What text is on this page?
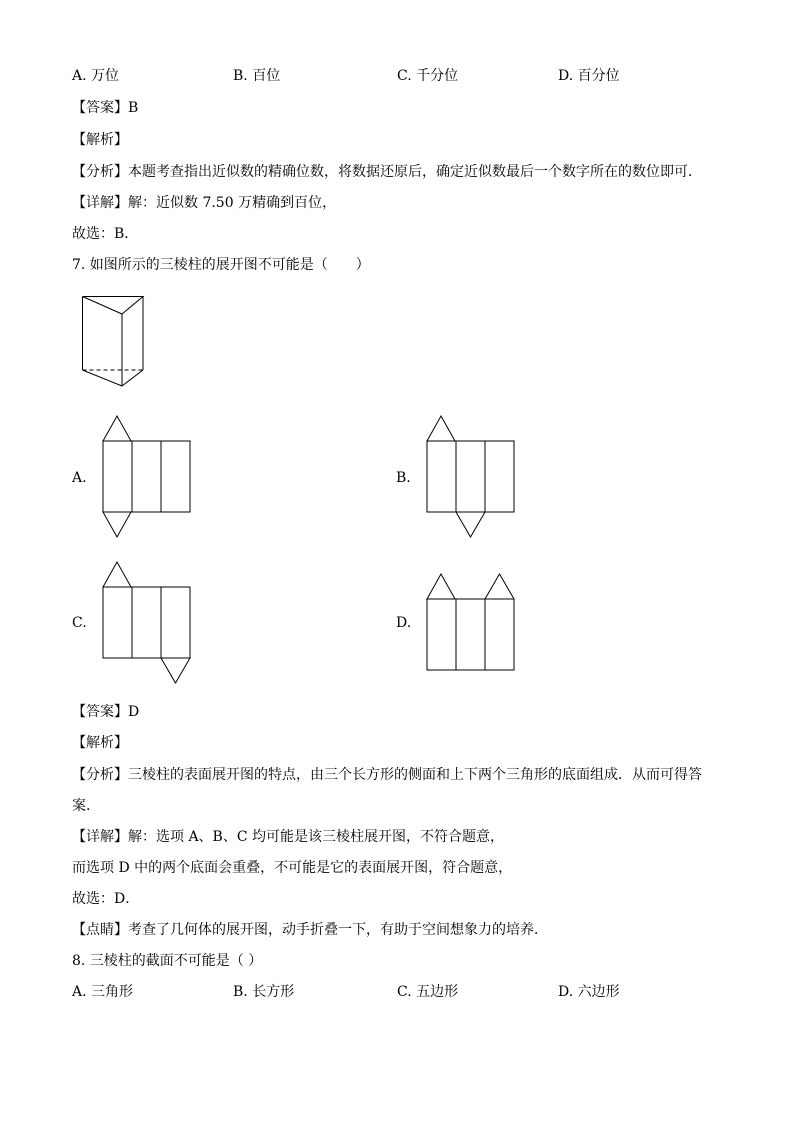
A. 万位	B. 百位	C. 千分位	D. 百分位
【答案】B
【解析】
【分析】本题考查指出近似数的精确位数，将数据还原后，确定近似数最后一个数字所在的数位即可．
【详解】解：近似数 7.50 万精确到百位，
故选：B．
7. 如图所示的三棱柱的展开图不可能是（　　）
A.	B.
C.	D.
【答案】D
【解析】
【分析】三棱柱的表面展开图的特点，由三个长方形的侧面和上下两个三角形的底面组成．从而可得答
案.
【详解】解：选项 A、B、C 均可能是该三棱柱展开图，不符合题意，
而选项 D 中的两个底面会重叠，不可能是它的表面展开图，符合题意，
故选：D．
【点睛】考查了几何体的展开图，动手折叠一下，有助于空间想象力的培养．
8. 三棱柱的截面不可能是（ ）
A. 三角形	B. 长方形	C. 五边形	D. 六边形
